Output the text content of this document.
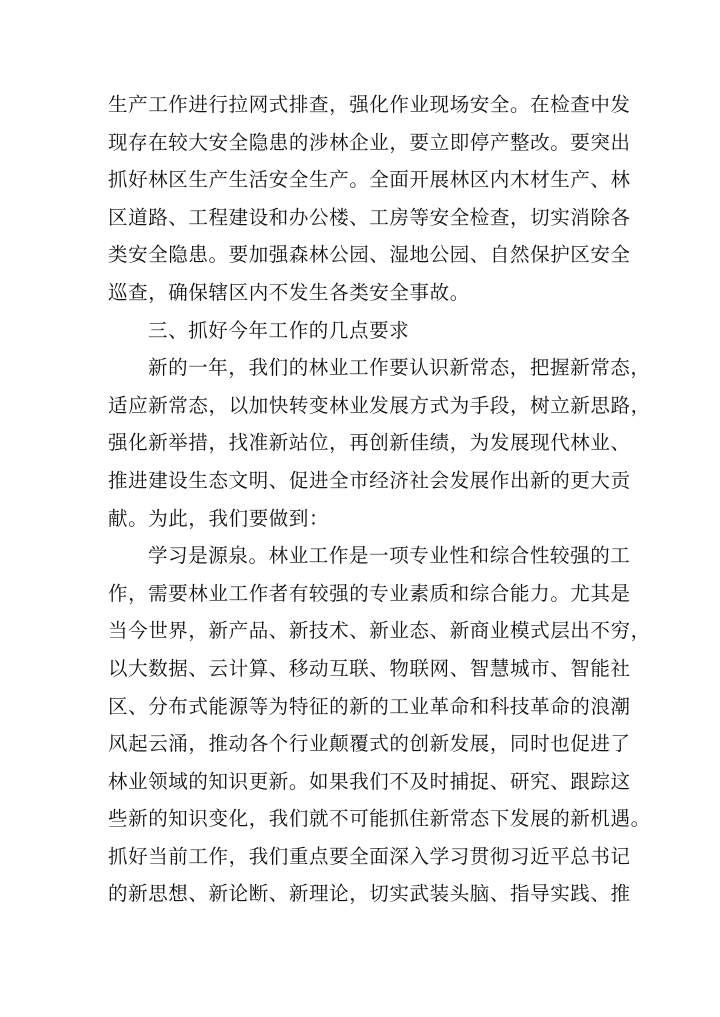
生产工作进行拉网式排查，强化作业现场安全。在检查中发
现存在较大安全隐患的涉林企业，要立即停产整改。要突出
抓好林区生产生活安全生产。全面开展林区内木材生产、林
区道路、工程建设和办公楼、工房等安全检查，切实消除各
类安全隐患。要加强森林公园、湿地公园、自然保护区安全
巡查，确保辖区内不发生各类安全事故。
三、抓好今年工作的几点要求
新的一年，我们的林业工作要认识新常态，把握新常态，
适应新常态，以加快转变林业发展方式为手段，树立新思路，
强化新举措，找准新站位，再创新佳绩，为发展现代林业、
推进建设生态文明、促进全市经济社会发展作出新的更大贡
献。为此，我们要做到：
学习是源泉。林业工作是一项专业性和综合性较强的工
作，需要林业工作者有较强的专业素质和综合能力。尤其是
当今世界，新产品、新技术、新业态、新商业模式层出不穷，
以大数据、云计算、移动互联、物联网、智慧城市、智能社
区、分布式能源等为特征的新的工业革命和科技革命的浪潮
风起云涌，推动各个行业颠覆式的创新发展，同时也促进了
林业领域的知识更新。如果我们不及时捕捉、研究、跟踪这
些新的知识变化，我们就不可能抓住新常态下发展的新机遇。
抓好当前工作，我们重点要全面深入学习贯彻习近平总书记
的新思想、新论断、新理论，切实武装头脑、指导实践、推
